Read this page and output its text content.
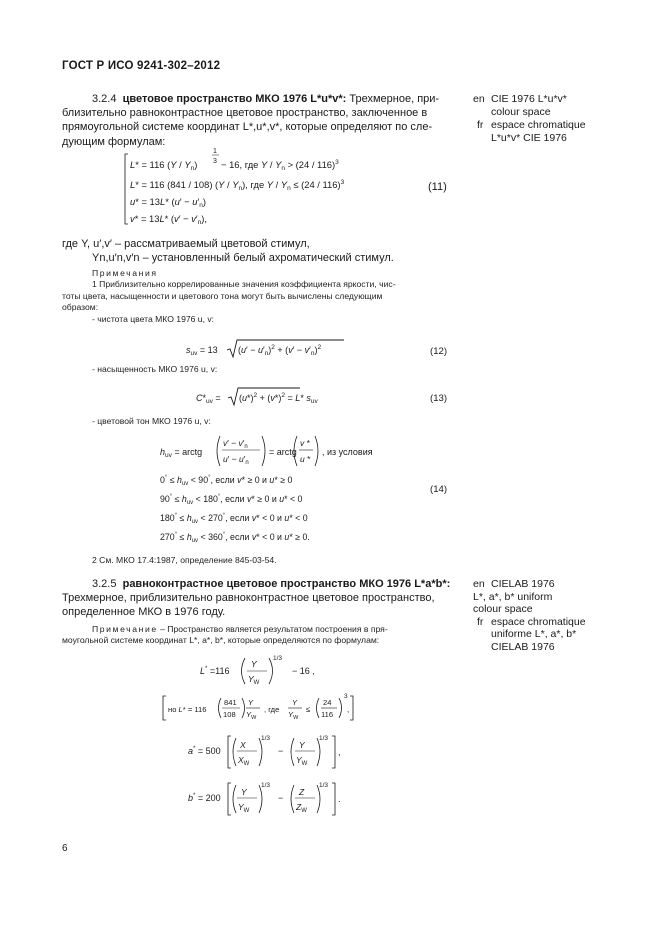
ГОСТ Р ИСО 9241-302–2012
3.2.4 цветовое пространство МКО 1976 L*u*v*: Трехмерное, при-
близительно равноконтрастное цветовое пространство, заключенное в
прямоугольной системе координат L*,u*,v*, которые определяют по сле-
дующим формулам:
L* = 116 $(Y / Y_n)$
1
3 − 16, где $Y / Y_n > (24 / 116)^3$
L* = 116 (841 / 108) $(Y / Y_n)$, где $Y / Y_n \le (24 / 116)^3$
u* = 13L* $(u' - u'_n)$
v* = 13L* $(v' - v'_n)$,
(11)
где Y, u′,v′ – рассматриваемый цветовой стимул,
Yn,u′n,v′n – установленный белый ахроматический стимул.
Примечания
1 Приблизительно коррелированные значения коэффициента яркости, чис-
тоты цвета, насыщенности и цветового тона могут быть вычислены следующим
образом:
- чистота цвета МКО 1976 u, v:
$s_{uv} = 13$ $(u' - u'_n)^2 + (v' - v'_n)^2$	(12)
- насыщенность МКО 1976 u, v:
$C*_{uv} = (u*)^2 + (v*)^2 = L*$ $s_{uv}$	(13)
- цветовой тон МКО 1976 u, v:
$h_{uv}$ = arctg
$v' - v'_n$
$u' - u'_n$
= arctg
v *
u *
, из условия
$0^\circ \le h_{uv} < 90^\circ$, если v* ≥ 0 и u* ≥ 0
$90^\circ \le h_{uv} < 180^\circ$, если v* ≥ 0 и u* < 0
$180^\circ \le h_{uv} < 270^\circ$, если v* < 0 и u* < 0
$270^\circ \le h_{uv} < 360^\circ$, если v* < 0 и u* ≥ 0.
(14)
2 См. МКО 17.4:1987, определение 845-03-54.
3.2.5 равноконтрастное цветовое пространство МКО 1976 L*a*b*:
Трехмерное, приблизительно равноконтрастное цветовое пространство,
определенное МКО в 1976 году.
Примечание – Пространство является результатом построения в пря-
моугольной системе координат L*, a*, b*, которые определяются по формулам:
L* =116
Y
$Y_W$
1/3
− 16 ,
но L* = 116
841
108
Y
$Y_W$
, где
Y
$Y_W$
≤
24
116
3
,
a* = 500
X
$X_W$
1/3
−
Y
$Y_W$
1/3
,
b* = 200
Y
$Y_W$
1/3
−
Z
$Z_W$
1/3
.
en CIE 1976 L*u*v*
colour space
fr espace chromatique
L*u*v* CIE 1976
en CIELAB 1976
L*, a*, b* uniform
colour space
fr espace chromatique
uniforme L*, a*, b*
CIELAB 1976
6
